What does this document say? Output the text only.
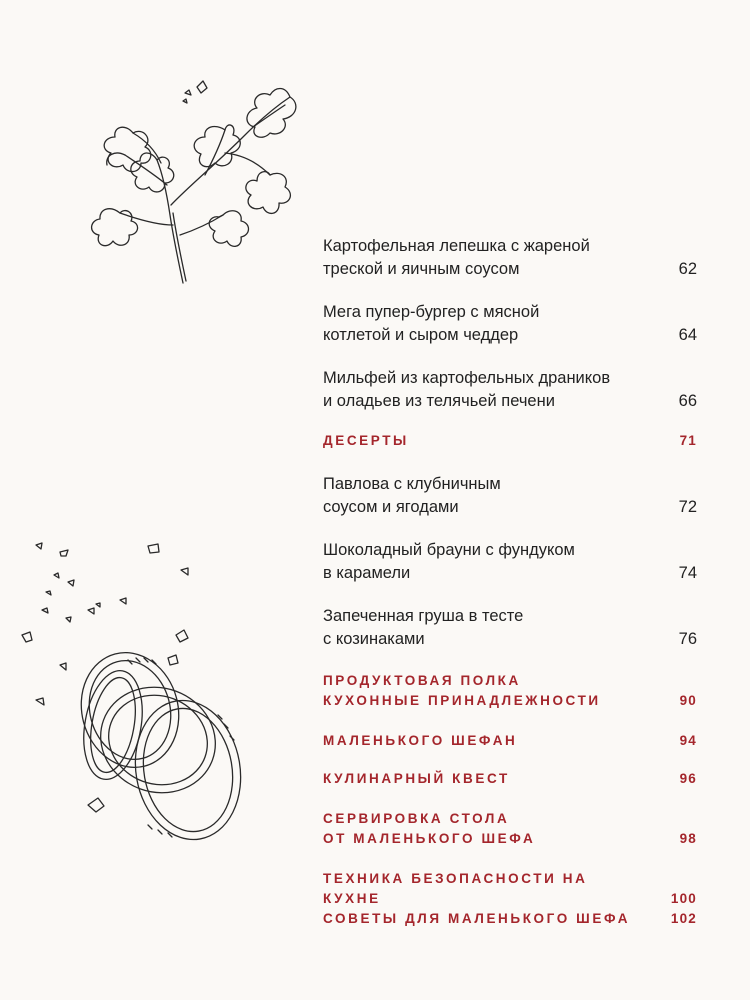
Картофельная лепешка с жареной
треской и яичным соусом	62
Мега пупер-бургер с мясной
котлетой и сыром чеддер	64
Мильфей из картофельных драников
и оладьев из телячьей печени	66
ДЕСЕРТЫ	71
Павлова с клубничным
соусом и ягодами	72
Шоколадный брауни с фундуком
в карамели	74
Запеченная груша в тесте
с козинаками	76
ПРОДУКТОВАЯ ПОЛКА
КУХОННЫЕ ПРИНАДЛЕЖНОСТИ	90
МАЛЕНЬКОГО ШЕФАН	94
КУЛИНАРНЫЙ КВЕСТ	96
СЕРВИРОВКА СТОЛА
ОТ МАЛЕНЬКОГО ШЕФА	98
ТЕХНИКА БЕЗОПАСНОСТИ НА КУХНЕ	100
СОВЕТЫ ДЛЯ МАЛЕНЬКОГО ШЕФА	102
